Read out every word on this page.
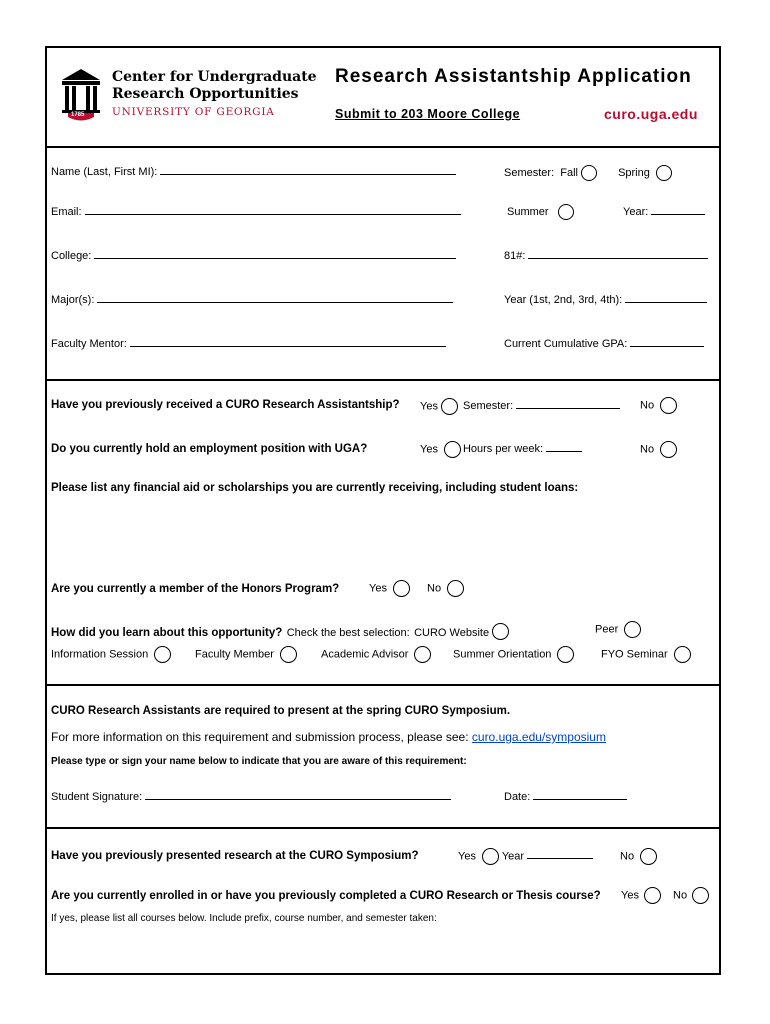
1785
Center for Undergraduate
Research Opportunities
UNIVERSITY OF GEORGIA
Research Assistantship Application
Submit to 203 Moore College	curo.uga.edu
Name (Last, First MI):	Semester: Fall	Spring
Email:	Summer	Year:
College:	81#:
Major(s):	Year (1st, 2nd, 3rd, 4th):
Faculty Mentor:	Current Cumulative GPA:
Have you previously received a CURO Research Assistantship? Yes Semester:	No
Do you currently hold an employment position with UGA?	Yes Hours per week:	No
Please list any financial aid or scholarships you are currently receiving, including student loans:
Are you currently a member of the Honors Program?	Yes	No
How did you learn about this opportunity? Check the best selection: CURO Website	Peer
Information Session	Faculty Member	Academic Advisor	Summer Orientation	FYO Seminar
CURO Research Assistants are required to present at the spring CURO Symposium.
For more information on this requirement and submission process, please see: curo.uga.edu/symposium
Please type or sign your name below to indicate that you are aware of this requirement:
Student Signature:	Date:
Have you previously presented research at the CURO Symposium?	Yes Year	No
Are you currently enrolled in or have you previously completed a CURO Research or Thesis course? Yes	No
If yes, please list all courses below. Include prefix, course number, and semester taken:
